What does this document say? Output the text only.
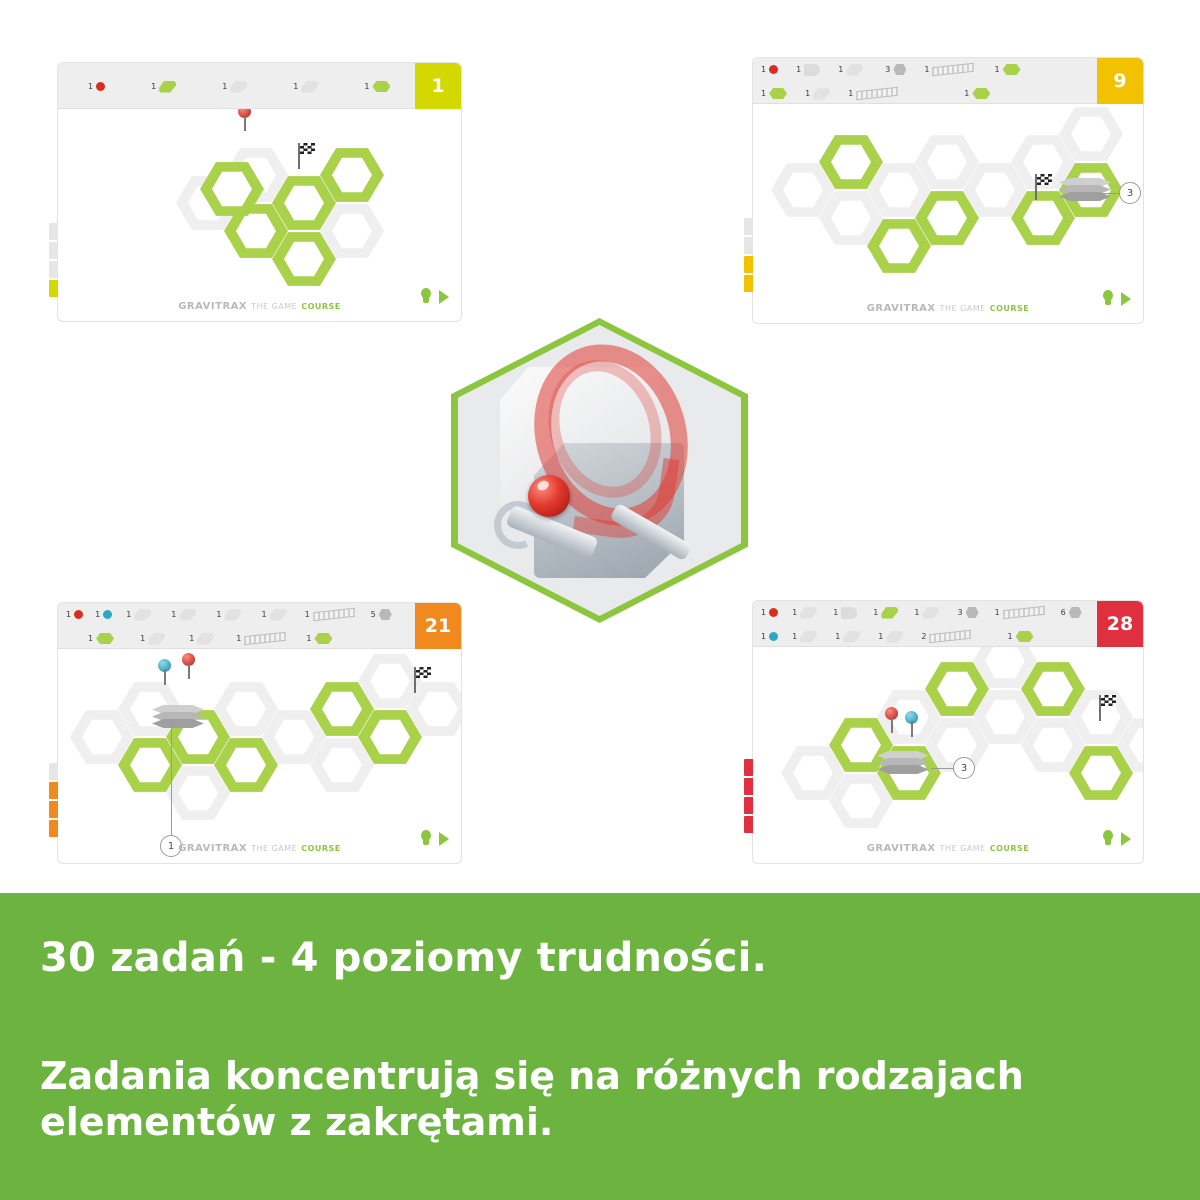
1	1	1	1	1	1
GRAVITRAX THE GAME COURSE
1	1	1	3	1	1
1	1	1	1
9
3
GRAVITRAX THE GAME COURSE
1	1	1	1	1	1	1	5
1	1	1	1	1
21
1 GRAVITRAX THE GAME COURSE
1	1	1	1	1	3	1	6
1	1	1	1	2	1
28
3
GRAVITRAX THE GAME COURSE
30 zadań - 4 poziomy trudności.

Zadania koncentrują się na różnych rodzajach elementów z zakrętami.
